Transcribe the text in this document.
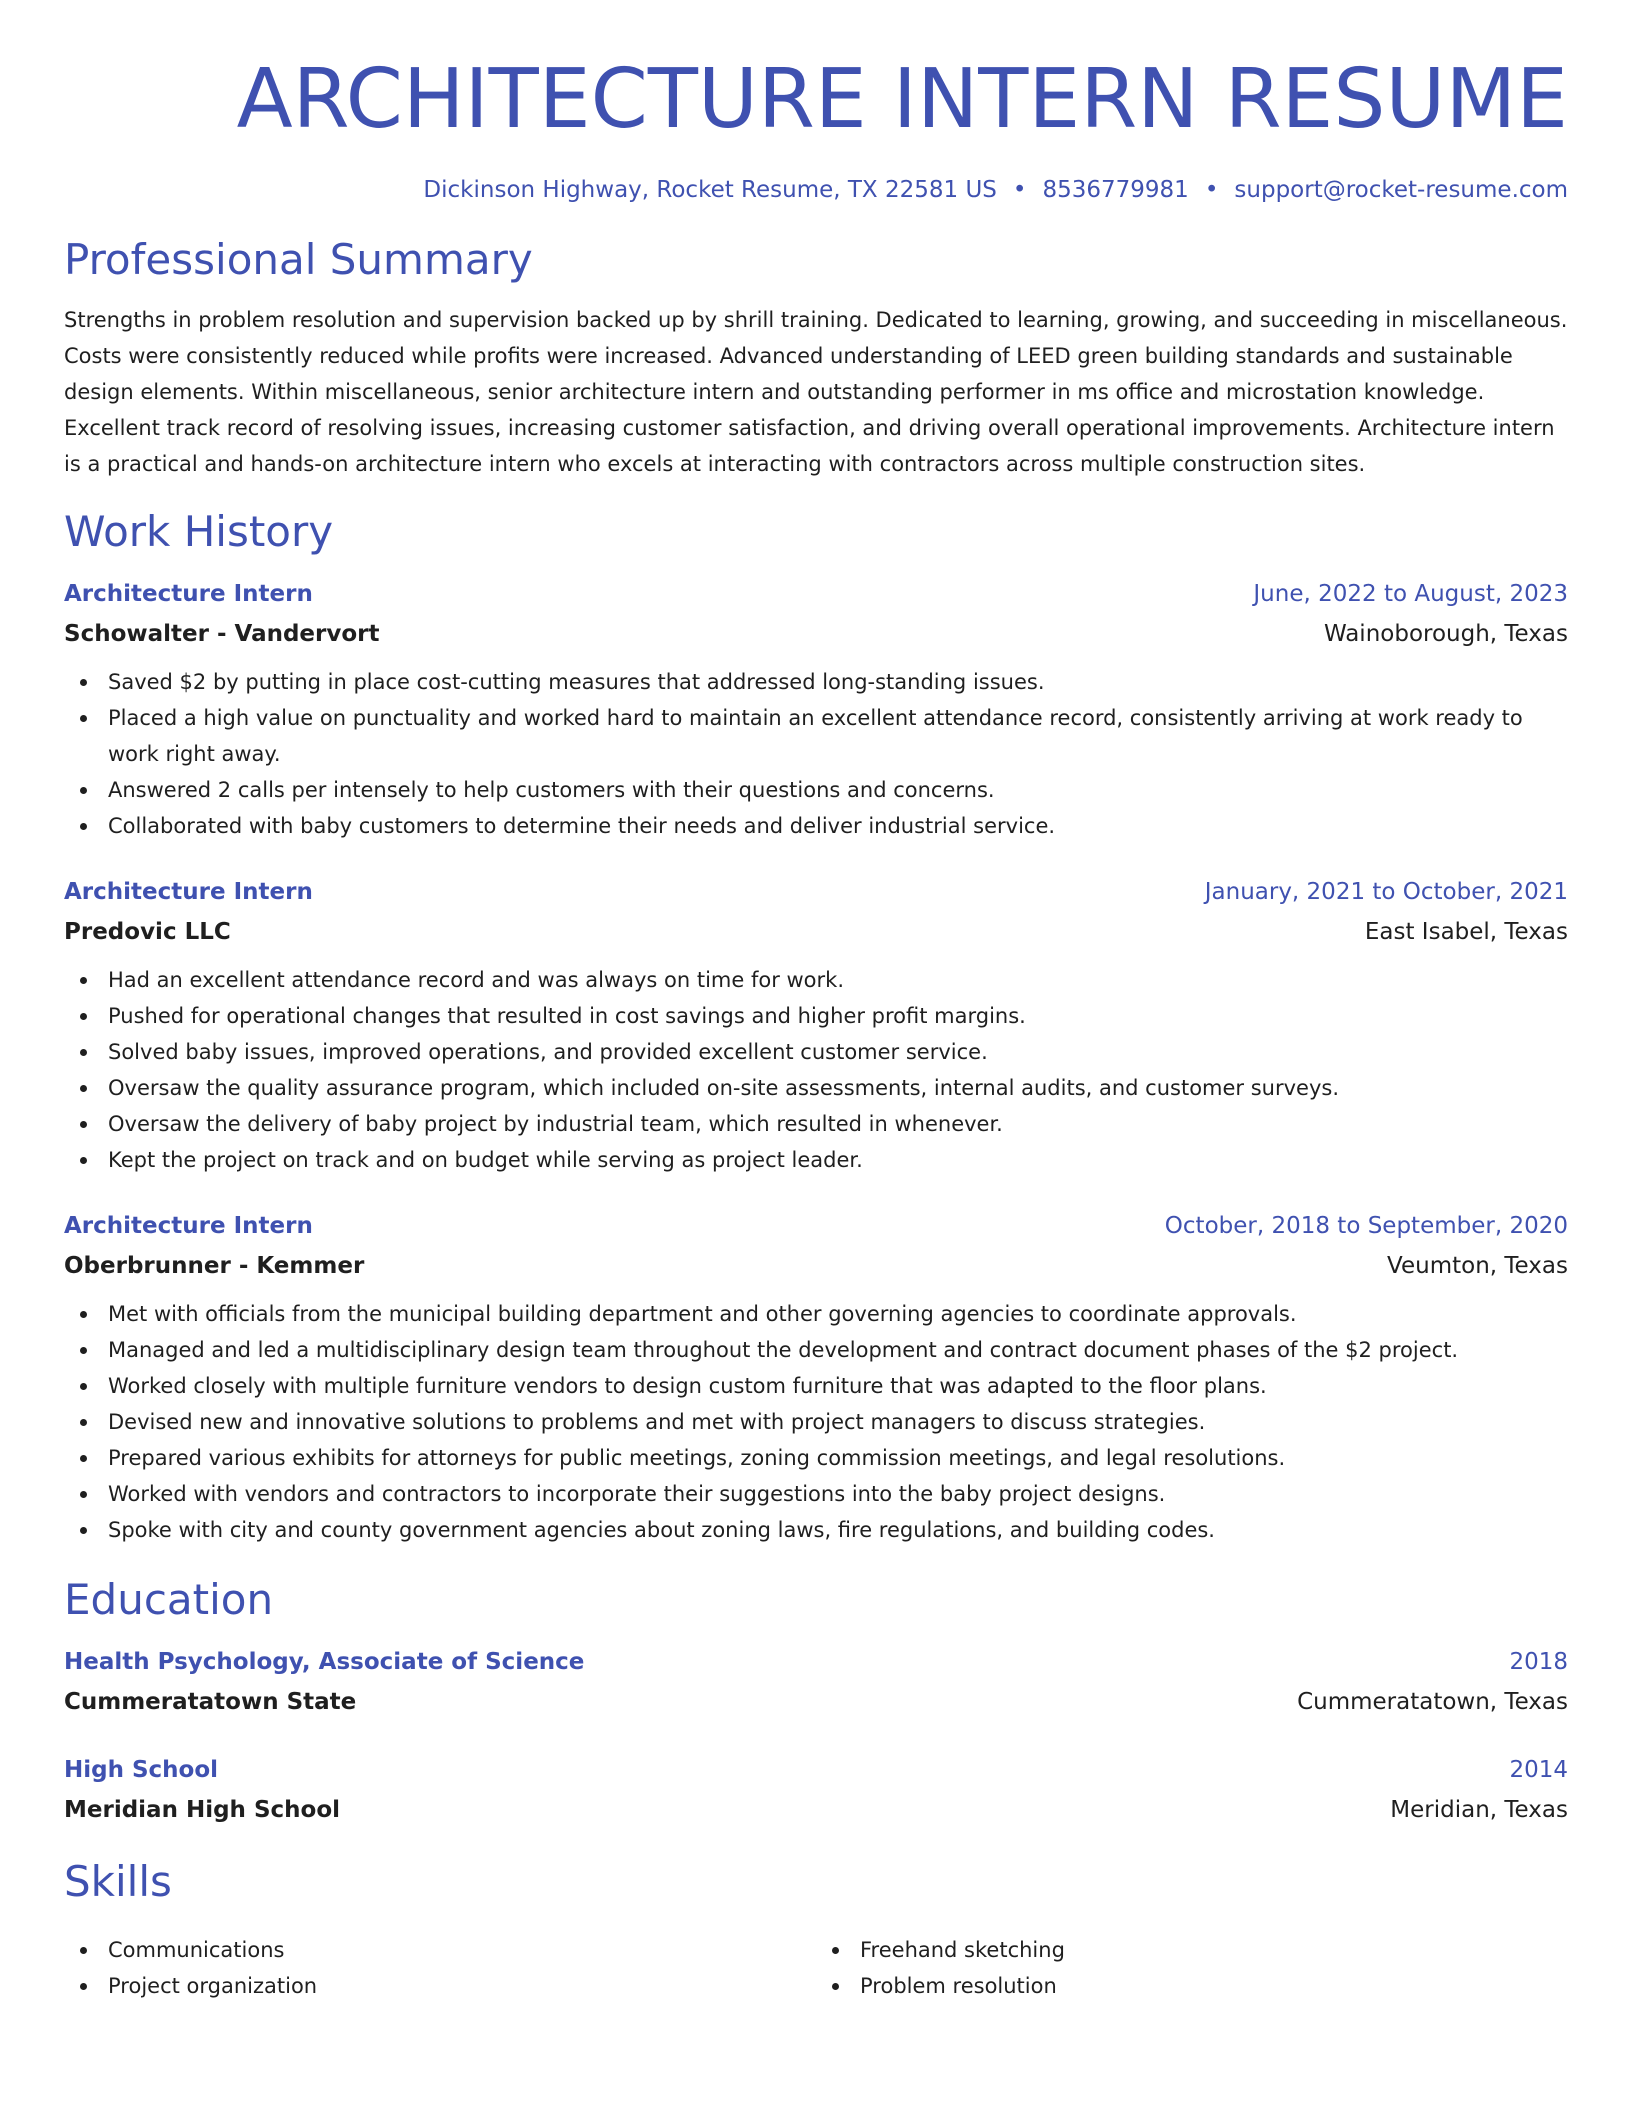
ARCHITECTURE INTERN RESUME
Dickinson Highway, Rocket Resume, TX 22581 US • 8536779981 • support@rocket-resume.com
Professional Summary

Strengths in problem resolution and supervision backed up by shrill training. Dedicated to learning, growing, and succeeding in miscellaneous. Costs were consistently reduced while profits were increased. Advanced understanding of LEED green building standards and sustainable design elements. Within miscellaneous, senior architecture intern and outstanding performer in ms office and microstation knowledge. Excellent track record of resolving issues, increasing customer satisfaction, and driving overall operational improvements. Architecture intern is a practical and hands-on architecture intern who excels at interacting with contractors across multiple construction sites.

Work History
Architecture Intern	June, 2022 to August, 2023
Schowalter - Vandervort	Wainoborough, Texas
Saved $2 by putting in place cost-cutting measures that addressed long-standing issues.
Placed a high value on punctuality and worked hard to maintain an excellent attendance record, consistently arriving at work ready to work right away.
Answered 2 calls per intensely to help customers with their questions and concerns.
Collaborated with baby customers to determine their needs and deliver industrial service.
Architecture Intern	January, 2021 to October, 2021
Predovic LLC	East Isabel, Texas
Had an excellent attendance record and was always on time for work.
Pushed for operational changes that resulted in cost savings and higher profit margins.
Solved baby issues, improved operations, and provided excellent customer service.
Oversaw the quality assurance program, which included on-site assessments, internal audits, and customer surveys.
Oversaw the delivery of baby project by industrial team, which resulted in whenever.
Kept the project on track and on budget while serving as project leader.
Architecture Intern	October, 2018 to September, 2020
Oberbrunner - Kemmer	Veumton, Texas
Met with officials from the municipal building department and other governing agencies to coordinate approvals.
Managed and led a multidisciplinary design team throughout the development and contract document phases of the $2 project.
Worked closely with multiple furniture vendors to design custom furniture that was adapted to the floor plans.
Devised new and innovative solutions to problems and met with project managers to discuss strategies.
Prepared various exhibits for attorneys for public meetings, zoning commission meetings, and legal resolutions.
Worked with vendors and contractors to incorporate their suggestions into the baby project designs.
Spoke with city and county government agencies about zoning laws, fire regulations, and building codes.
Education
Health Psychology, Associate of Science	2018
Cummeratatown State	Cummeratatown, Texas
High School	2014
Meridian High School	Meridian, Texas
Skills
Communications
Project organization
Freehand sketching
Problem resolution
